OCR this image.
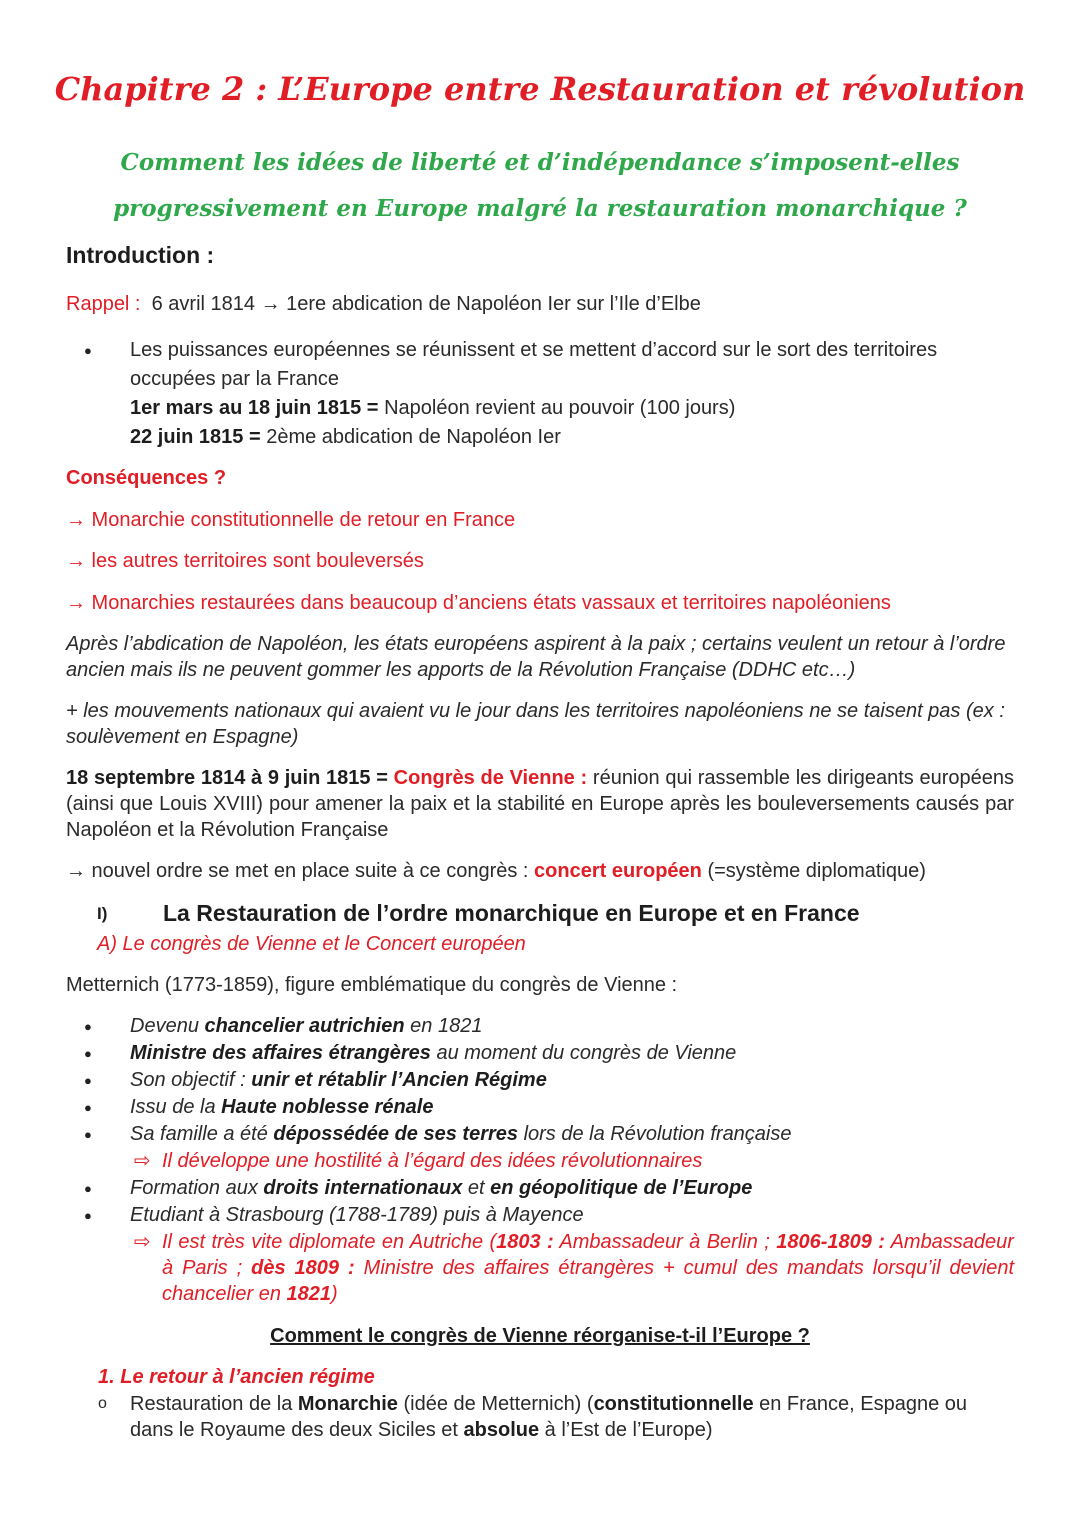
Chapitre 2 : L’Europe entre Restauration et révolution
Comment les idées de liberté et d’indépendance s’imposent-elles
progressivement en Europe malgré la restauration monarchique ?
Introduction :
Rappel : 6 avril 1814 → 1ere abdication de Napoléon Ier sur l’Ile d’Elbe
● Les puissances européennes se réunissent et se mettent d’accord sur le sort des territoires occupées par la France
1er mars au 18 juin 1815 = Napoléon revient au pouvoir (100 jours)
22 juin 1815 = 2ème abdication de Napoléon Ier
Conséquences ?
→ Monarchie constitutionnelle de retour en France
→ les autres territoires sont bouleversés
→ Monarchies restaurées dans beaucoup d’anciens états vassaux et territoires napoléoniens
Après l’abdication de Napoléon, les états européens aspirent à la paix ; certains veulent un retour à l’ordre ancien mais ils ne peuvent gommer les apports de la Révolution Française (DDHC etc…)
+ les mouvements nationaux qui avaient vu le jour dans les territoires napoléoniens ne se taisent pas (ex : soulèvement en Espagne)
18 septembre 1814 à 9 juin 1815 = Congrès de Vienne : réunion qui rassemble les dirigeants européens (ainsi que Louis XVIII) pour amener la paix et la stabilité en Europe après les bouleversements causés par Napoléon et la Révolution Française
→ nouvel ordre se met en place suite à ce congrès : concert européen (=système diplomatique)
I) La Restauration de l’ordre monarchique en Europe et en France
A) Le congrès de Vienne et le Concert européen
Metternich (1773-1859), figure emblématique du congrès de Vienne :
● Devenu chancelier autrichien en 1821
● Ministre des affaires étrangères au moment du congrès de Vienne
● Son objectif : unir et rétablir l’Ancien Régime
● Issu de la Haute noblesse rénale
● Sa famille a été dépossédée de ses terres lors de la Révolution française
⇨ Il développe une hostilité à l’égard des idées révolutionnaires
● Formation aux droits internationaux et en géopolitique de l’Europe
● Etudiant à Strasbourg (1788-1789) puis à Mayence
⇨ Il est très vite diplomate en Autriche (1803 : Ambassadeur à Berlin ; 1806-1809 : Ambassadeur à Paris ; dès 1809 : Ministre des affaires étrangères + cumul des mandats lorsqu’il devient chancelier en 1821)
Comment le congrès de Vienne réorganise-t-il l’Europe ?
1. Le retour à l’ancien régime
o Restauration de la Monarchie (idée de Metternich) (constitutionnelle en France, Espagne ou dans le Royaume des deux Siciles et absolue à l’Est de l’Europe)
